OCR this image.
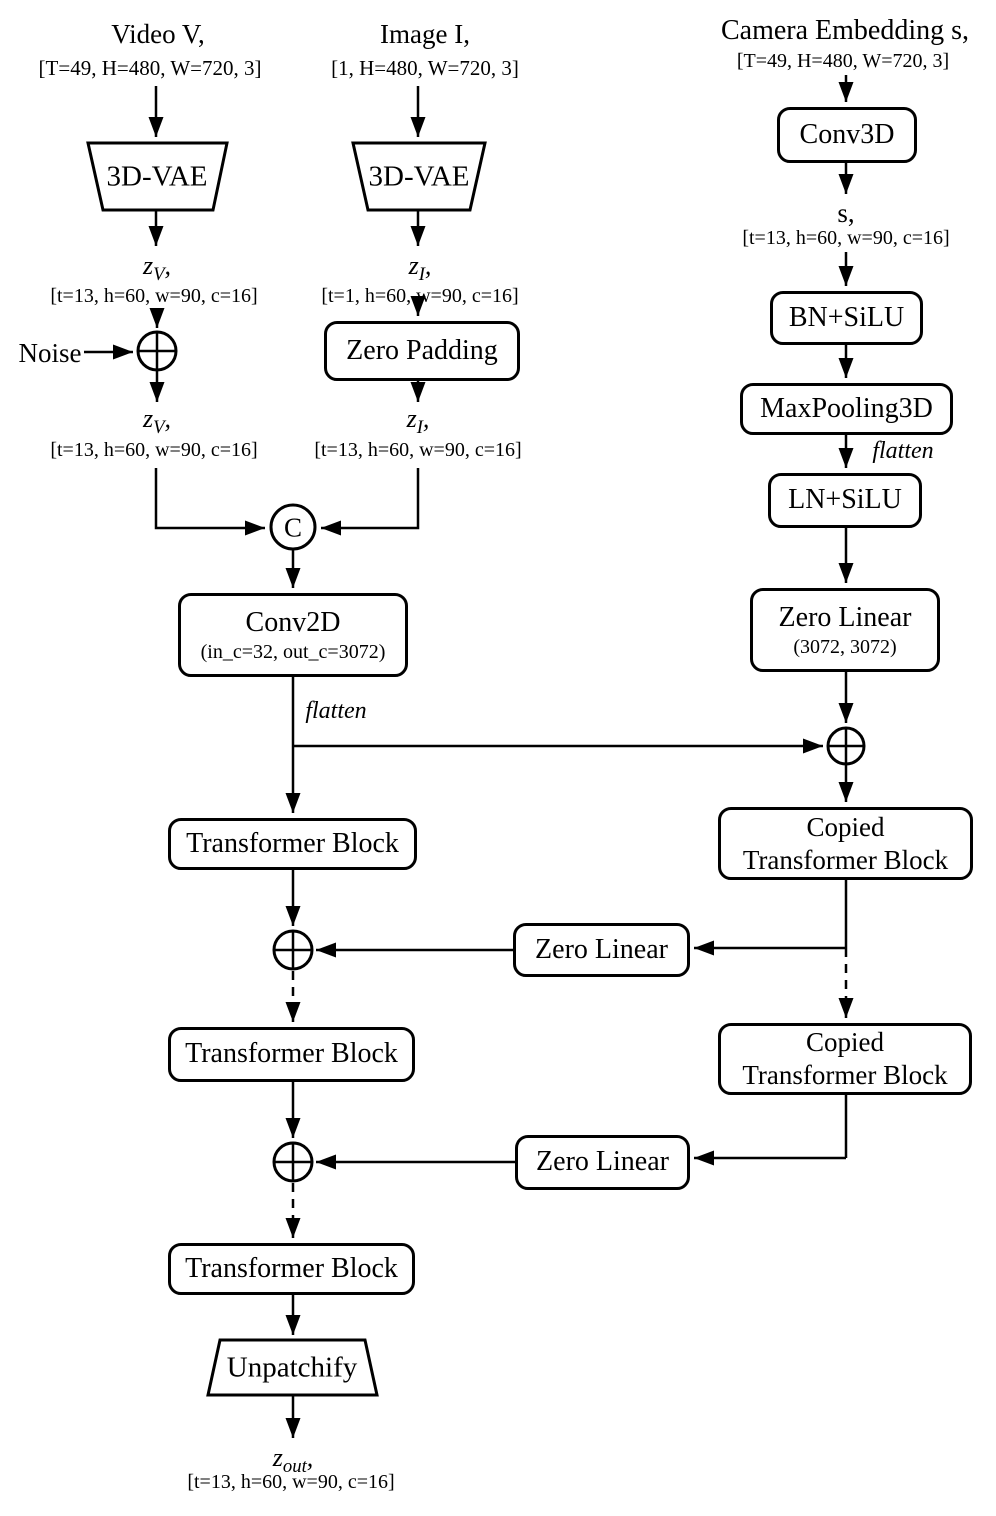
Conv3D
BN+SiLU
MaxPooling3D
LN+SiLU
Zero Linear
(3072, 3072)
Zero Padding
Conv2D
(in_c=32, out_c=3072)
Transformer Block
Copied
Transformer Block
Zero Linear
Transformer Block	Copied
Transformer Block
Zero Linear
Transformer Block
3D-VAE	3D-VAE
Unpatchify
C
Video V,
[T=49, H=480, W=720, 3]
Image I,
[1, H=480, W=720, 3]
Camera Embedding s,
[T=49, H=480, W=720, 3]
$z_V$,
[t=13, h=60, w=90, c=16]
$z_I$,
[t=1, h=60, w=90, c=16]
Noise
$z_V$,
[t=13, h=60, w=90, c=16]
$z_I$,
[t=13, h=60, w=90, c=16]
s,
[t=13, h=60, w=90, c=16]
flatten
flatten
$z_{out}$,
[t=13, h=60, w=90, c=16]
